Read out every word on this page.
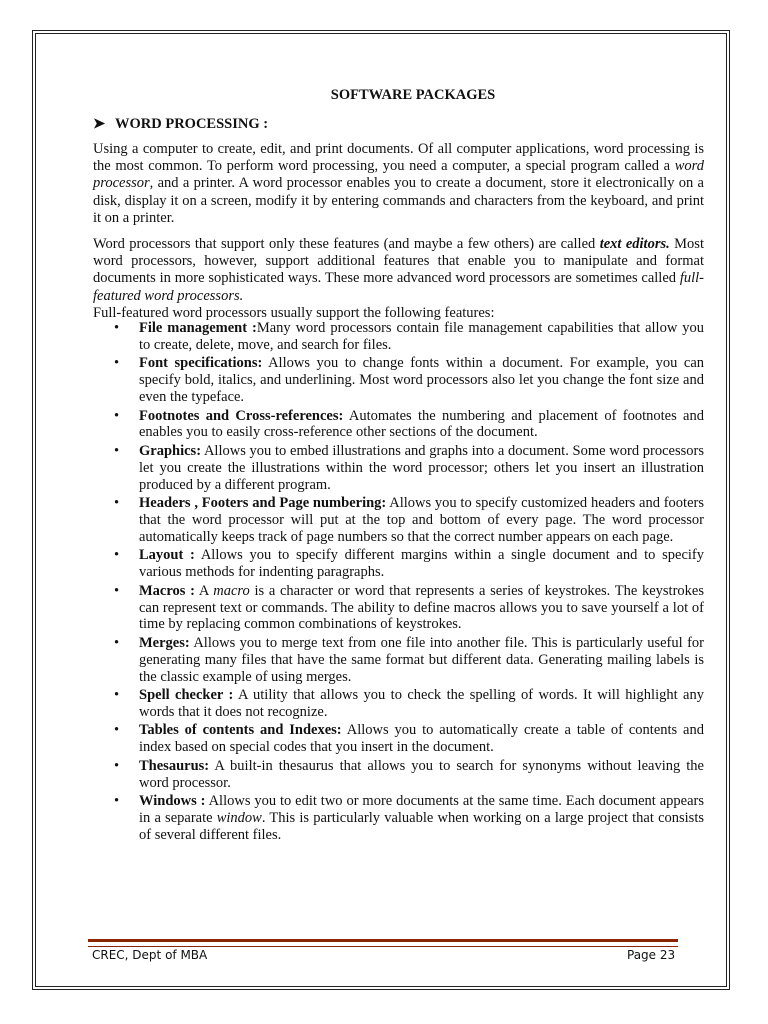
SOFTWARE PACKAGES
➤ WORD PROCESSING :

Using a computer to create, edit, and print documents. Of all computer applications, word processing is the most common. To perform word processing, you need a computer, a special program called a word processor, and a printer. A word processor enables you to create a document, store it electronically on a disk, display it on a screen, modify it by entering commands and characters from the keyboard, and print it on a printer.

Word processors that support only these features (and maybe a few others) are called text editors. Most word processors, however, support additional features that enable you to manipulate and format documents in more sophisticated ways. These more advanced word processors are sometimes called full-featured word processors.
Full-featured word processors usually support the following features:

• File management :Many word processors contain file management capabilities that allow you to create, delete, move, and search for files.
• Font specifications: Allows you to change fonts within a document. For example, you can specify bold, italics, and underlining. Most word processors also let you change the font size and even the typeface.
• Footnotes and Cross-references: Automates the numbering and placement of footnotes and enables you to easily cross-reference other sections of the document.
• Graphics: Allows you to embed illustrations and graphs into a document. Some word processors let you create the illustrations within the word processor; others let you insert an illustration produced by a different program.
• Headers , Footers and Page numbering: Allows you to specify customized headers and footers that the word processor will put at the top and bottom of every page. The word processor automatically keeps track of page numbers so that the correct number appears on each page.
• Layout : Allows you to specify different margins within a single document and to specify various methods for indenting paragraphs.
• Macros : A macro is a character or word that represents a series of keystrokes. The keystrokes can represent text or commands. The ability to define macros allows you to save yourself a lot of time by replacing common combinations of keystrokes.
• Merges: Allows you to merge text from one file into another file. This is particularly useful for generating many files that have the same format but different data. Generating mailing labels is the classic example of using merges.
• Spell checker : A utility that allows you to check the spelling of words. It will highlight any words that it does not recognize.
• Tables of contents and Indexes: Allows you to automatically create a table of contents and index based on special codes that you insert in the document.
• Thesaurus: A built-in thesaurus that allows you to search for synonyms without leaving the word processor.
• Windows : Allows you to edit two or more documents at the same time. Each document appears in a separate window. This is particularly valuable when working on a large project that consists of several different files.
CREC, Dept of MBA	Page 23
